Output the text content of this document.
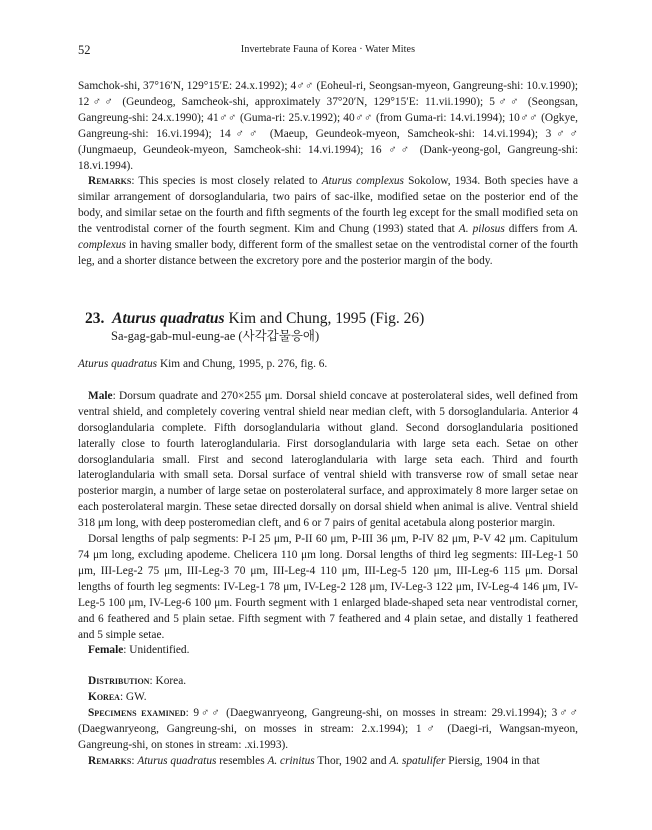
52	Invertebrate Fauna of Korea · Water Mites

Samchok-shi, 37°16′N, 129°15′E: 24.x.1992); 4♂♂ (Eoheul-ri, Seongsan-myeon, Gangreung-shi: 10.v.1990); 12♂♂ (Geundeog, Samcheok-shi, approximately 37°20′N, 129°15′E: 11.vii.1990); 5♂♂ (Seongsan, Gangreung-shi: 24.x.1990); 41♂♂ (Guma-ri: 25.v.1992); 40♂♂ (from Guma-ri: 14.vi.1994); 10♂♂ (Ogkye, Gangreung-shi: 16.vi.1994); 14♂♂ (Maeup, Geundeok-myeon, Samcheok-shi: 14.vi.1994); 3♂♂ (Jungmaeup, Geundeok-myeon, Samcheok-shi: 14.vi.1994); 16 ♂♂ (Dank-yeong-gol, Gangreung-shi: 18.vi.1994).

Remarks: This species is most closely related to Aturus complexus Sokolow, 1934. Both species have a similar arrangement of dorsoglandularia, two pairs of sac-ilke, modified setae on the posterior end of the body, and similar setae on the fourth and fifth segments of the fourth leg except for the small modified seta on the ventrodistal corner of the fourth segment. Kim and Chung (1993) stated that A. pilosus differs from A. complexus in having smaller body, different form of the smallest setae on the ventrodistal corner of the fourth leg, and a shorter distance between the excretory pore and the posterior margin of the body.

23. Aturus quadratus Kim and Chung, 1995 (Fig. 26)
Sa-gag-gab-mul-eung-ae (사각갑물응애)

Aturus quadratus Kim and Chung, 1995, p. 276, fig. 6.

Male: Dorsum quadrate and 270×255 μm. Dorsal shield concave at posterolateral sides, well defined from ventral shield, and completely covering ventral shield near median cleft, with 5 dorsoglandularia. Anterior 4 dorsoglandularia complete. Fifth dorsoglandularia without gland. Second dorsoglandularia positioned laterally close to fourth lateroglandularia. First dorsoglandularia with large seta each. Setae on other dorsoglandularia small. First and second lateroglandularia with large seta each. Third and fourth lateroglandularia with small seta. Dorsal surface of ventral shield with transverse row of small setae near posterior margin, a number of large setae on posterolateral surface, and approximately 8 more larger setae on each posterolateral margin. These setae directed dorsally on dorsal shield when animal is alive. Ventral shield 318 μm long, with deep posteromedian cleft, and 6 or 7 pairs of genital acetabula along posterior margin.

Dorsal lengths of palp segments: P-I 25 μm, P-II 60 μm, P-III 36 μm, P-IV 82 μm, P-V 42 μm. Capitulum 74 μm long, excluding apodeme. Chelicera 110 μm long. Dorsal lengths of third leg segments: III-Leg-1 50 μm, III-Leg-2 75 μm, III-Leg-3 70 μm, III-Leg-4 110 μm, III-Leg-5 120 μm, III-Leg-6 115 μm. Dorsal lengths of fourth leg segments: IV-Leg-1 78 μm, IV-Leg-2 128 μm, IV-Leg-3 122 μm, IV-Leg-4 146 μm, IV-Leg-5 100 μm, IV-Leg-6 100 μm. Fourth segment with 1 enlarged blade-shaped seta near ventrodistal corner, and 6 feathered and 5 plain setae. Fifth segment with 7 feathered and 4 plain setae, and distally 1 feathered and 5 simple setae.

Female: Unidentified.

Distribution: Korea.

Korea: GW.

Specimens examined: 9♂♂ (Daegwanryeong, Gangreung-shi, on mosses in stream: 29.vi.1994); 3♂♂ (Daegwanryeong, Gangreung-shi, on mosses in stream: 2.x.1994); 1♂ (Daegi-ri, Wangsan-myeon, Gangreung-shi, on stones in stream: .xi.1993).

Remarks: Aturus quadratus resembles A. crinitus Thor, 1902 and A. spatulifer Piersig, 1904 in that
